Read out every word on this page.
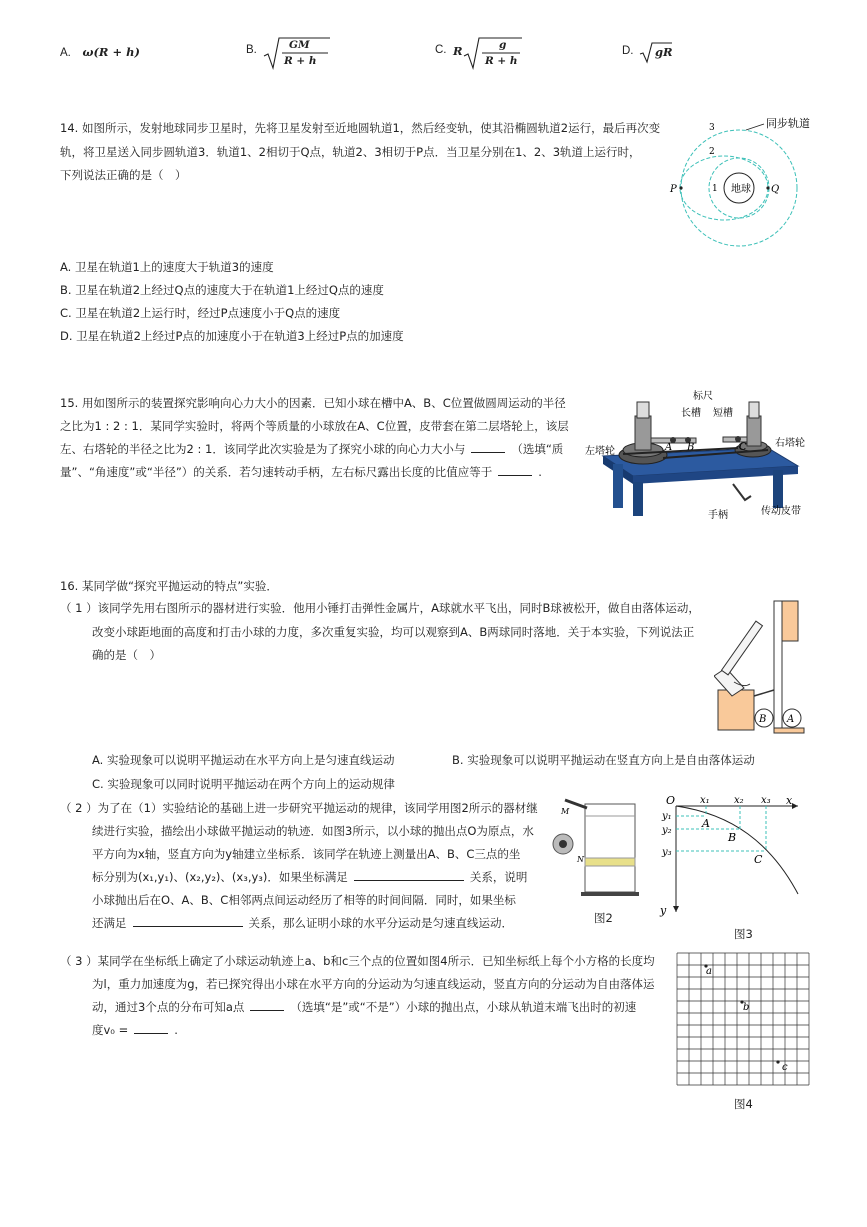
A. ω(R + h)	B.	GM
R + h
C. R	g
R + h
D. gR
14. 如图所示，发射地球同步卫星时，先将卫星发射至近地圆轨道1，然后经变轨，使其沿椭圆轨道2运行，最后再次变
轨，将卫星送入同步圆轨道3．轨道1、2相切于Q点，轨道2、3相切于P点．当卫星分别在1、2、3轨道上运行时，
下列说法正确的是（　）
A. 卫星在轨道1上的速度大于轨道3的速度
B. 卫星在轨道2上经过Q点的速度大于在轨道1上经过Q点的速度
C. 卫星在轨道2上运行时，经过P点速度小于Q点的速度
D. 卫星在轨道2上经过P点的加速度小于在轨道3上经过P点的加速度
地球
同步轨道
3
2
1
P	Q
15. 用如图所示的装置探究影响向心力大小的因素．已知小球在槽中A、B、C位置做圆周运动的半径
之比为1 : 2 : 1．某同学实验时，将两个等质量的小球放在A、C位置，皮带套在第二层塔轮上，该层
左、右塔轮的半径之比为2 : 1．该同学此次实验是为了探究小球的向心力大小与	（选填“质
量”、“角速度”或“半径”）的关系．若匀速转动手柄，左右标尺露出长度的比值应等于	.
标尺
长槽 短槽
左塔轮
右塔轮
手柄	传动皮带
A B	C
16. 某同学做“探究平抛运动的特点”实验．
（ 1 ）该同学先用右图所示的器材进行实验．他用小锤打击弹性金属片，A球就水平飞出，同时B球被松开，做自由落体运动，
改变小球距地面的高度和打击小球的力度，多次重复实验，均可以观察到A、B两球同时落地．关于本实验，下列说法正
确的是（　）
A. 实验现象可以说明平抛运动在水平方向上是匀速直线运动	B. 实验现象可以说明平抛运动在竖直方向上是自由落体运动
C. 实验现象可以同时说明平抛运动在两个方向上的运动规律
B A
（ 2 ）为了在（1）实验结论的基础上进一步研究平抛运动的规律，该同学用图2所示的器材继
续进行实验，描绘出小球做平抛运动的轨迹．如图3所示，以小球的抛出点O为原点，水
平方向为x轴，竖直方向为y轴建立坐标系．该同学在轨迹上测量出A、B、C三点的坐
标分别为(x₁,y₁)、(x₂,y₂)、(x₃,y₃)．如果坐标满足	关系，说明
小球抛出后在O、A、B、C相邻两点间运动经历了相等的时间间隔．同时，如果坐标
还满足	关系，那么证明小球的水平分运动是匀速直线运动．
M
N
图2
O	x
y
x₁ x₂ x₃
y₁
y₂
y₃
A
B
C
图3
（ 3 ）某同学在坐标纸上确定了小球运动轨迹上a、b和c三个点的位置如图4所示．已知坐标纸上每个小方格的长度均
为l，重力加速度为g，若已探究得出小球在水平方向的分运动为匀速直线运动，竖直方向的分运动为自由落体运
动，通过3个点的分布可知a点	（选填“是”或“不是”）小球的抛出点，小球从轨道末端飞出时的初速
度v₀ =	.
a
b
c
图4
